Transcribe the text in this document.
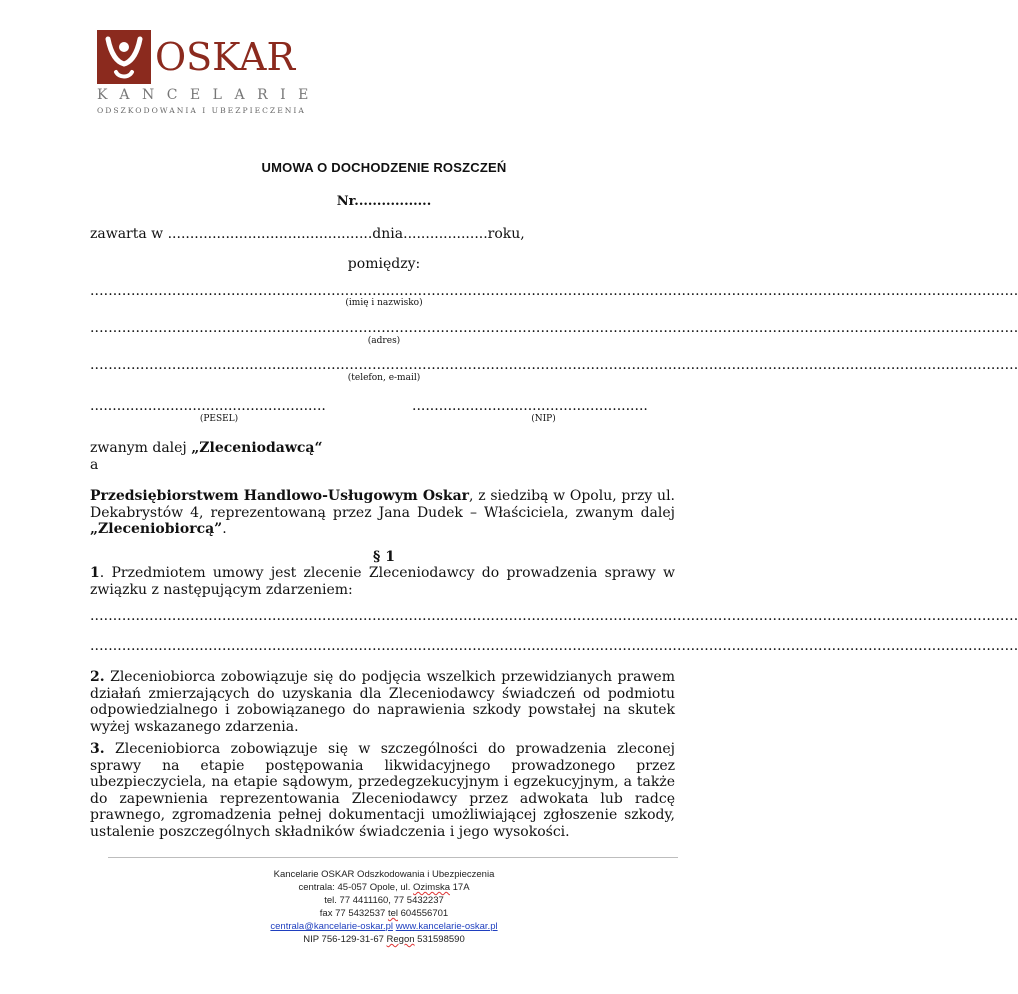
OSKAR
KANCELARIE
ODSZKODOWANIA I UBEZPIECZENIA
UMOWA O DOCHODZENIE ROSZCZEŃ
Nr.................
zawarta w ..............................................dnia...................roku,
pomiędzy:
............................................................................................................................................................................................................
(imię i nazwisko)
............................................................................................................................................................................................................
(adres)
............................................................................................................................................................................................................
(telefon, e-mail)
.....................................................
(PESEL)
.....................................................
(NIP)
zwanym dalej „Zleceniodawcą“
a
Przedsiębiorstwem Handlowo-Usługowym Oskar, z siedzibą w Opolu, przy ul. Dekabrystów 4, reprezentowaną przez Jana Dudek – Właściciela, zwanym dalej „Zleceniobiorcą”.
§ 1
1. Przedmiotem umowy jest zlecenie Zleceniodawcy do prowadzenia sprawy w związku z następującym zdarzeniem:
............................................................................................................................................................................................................
............................................................................................................................................................................................................
2. Zleceniobiorca zobowiązuje się do podjęcia wszelkich przewidzianych prawem działań zmierzających do uzyskania dla Zleceniodawcy świadczeń od podmiotu odpowiedzialnego i zobowiązanego do naprawienia szkody powstałej na skutek wyżej wskazanego zdarzenia.
3. Zleceniobiorca zobowiązuje się w szczególności do prowadzenia zleconej sprawy na etapie postępowania likwidacyjnego prowadzonego przez ubezpieczyciela, na etapie sądowym, przedegzekucyjnym i egzekucyjnym, a także do zapewnienia reprezentowania Zleceniodawcy przez adwokata lub radcę prawnego, zgromadzenia pełnej dokumentacji umożliwiającej zgłoszenie szkody, ustalenie poszczególnych składników świadczenia i jego wysokości.
Kancelarie OSKAR Odszkodowania i Ubezpieczenia
centrala: 45-057 Opole, ul. Ozimska 17A
tel. 77 4411160, 77 5432237
fax 77 5432537 tel 604556701
centrala@kancelarie-oskar.pl www.kancelarie-oskar.pl
NIP 756-129-31-67 Regon 531598590
